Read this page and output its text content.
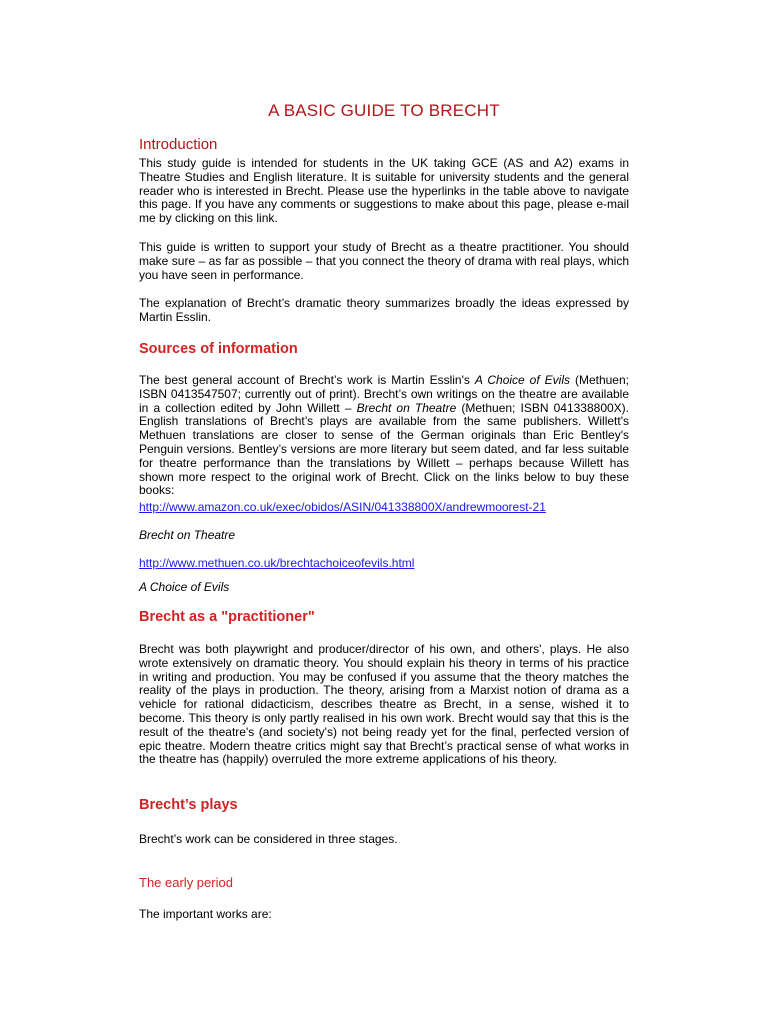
A BASIC GUIDE TO BRECHT
Introduction

This study guide is intended for students in the UK taking GCE (AS and A2) exams in Theatre Studies and English literature. It is suitable for university students and the general reader who is interested in Brecht. Please use the hyperlinks in the table above to navigate this page. If you have any comments or suggestions to make about this page, please e-mail me by clicking on this link.

This guide is written to support your study of Brecht as a theatre practitioner. You should make sure – as far as possible – that you connect the theory of drama with real plays, which you have seen in performance.

The explanation of Brecht’s dramatic theory summarizes broadly the ideas expressed by Martin Esslin.

Sources of information

The best general account of Brecht’s work is Martin Esslin's A Choice of Evils (Methuen; ISBN 0413547507; currently out of print). Brecht’s own writings on the theatre are available in a collection edited by John Willett – Brecht on Theatre (Methuen; ISBN 041338800X). English translations of Brecht’s plays are available from the same publishers. Willett's Methuen translations are closer to sense of the German originals than Eric Bentley's Penguin versions. Bentley’s versions are more literary but seem dated, and far less suitable for theatre performance than the translations by Willett – perhaps because Willett has shown more respect to the original work of Brecht. Click on the links below to buy these books:

http://www.amazon.co.uk/exec/obidos/ASIN/041338800X/andrewmoorest-21
Brecht on Theatre
http://www.methuen.co.uk/brechtachoiceofevils.html
A Choice of Evils
Brecht as a "practitioner"

Brecht was both playwright and producer/director of his own, and others', plays. He also wrote extensively on dramatic theory. You should explain his theory in terms of his practice in writing and production. You may be confused if you assume that the theory matches the reality of the plays in production. The theory, arising from a Marxist notion of drama as a vehicle for rational didacticism, describes theatre as Brecht, in a sense, wished it to become. This theory is only partly realised in his own work. Brecht would say that this is the result of the theatre's (and society's) not being ready yet for the final, perfected version of epic theatre. Modern theatre critics might say that Brecht’s practical sense of what works in the theatre has (happily) overruled the more extreme applications of his theory.

Brecht’s plays
Brecht’s work can be considered in three stages.
The early period
The important works are:
